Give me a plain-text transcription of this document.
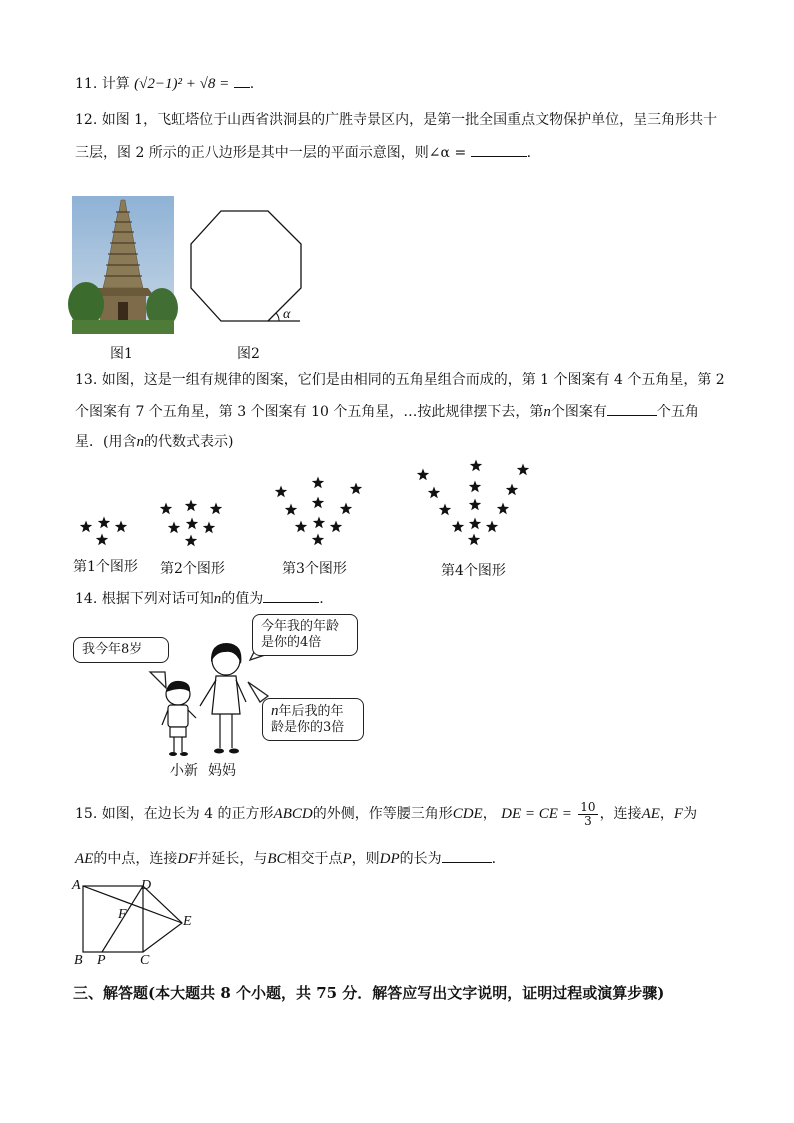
11. 计算 (√2−1)² + √8 = .
12. 如图 1，飞虹塔位于山西省洪洞县的广胜寺景区内，是第一批全国重点文物保护单位，呈三角形共十
三层，图 2 所示的正八边形是其中一层的平面示意图，则∠α =	.
图1
α
图2
13. 如图，这是一组有规律的图案，它们是由相同的五角星组合而成的，第 1 个图案有 4 个五角星，第 2
个图案有 7 个五角星，第 3 个图案有 10 个五角星，…按此规律摆下去，第n个图案有	个五角
星．(用含n的代数式表示)
第1个图形 第2个图形	第3个图形	第4个图形
14. 根据下列对话可知n的值为	.
我今年8岁
今年我的年龄是你的4倍
n年后我的年龄是你的3倍
小新 妈妈
15. 如图，在边长为 4 的正方形ABCD的外侧，作等腰三角形CDE， DE = CE = $\frac{10}{3}$ ，连接AE，F为
AE的中点，连接DF并延长，与BC相交于点P，则DP的长为	.
A	D
F	E
B P C
三、解答题(本大题共 8 个小题，共 75 分．解答应写出文字说明，证明过程或演算步骤)
